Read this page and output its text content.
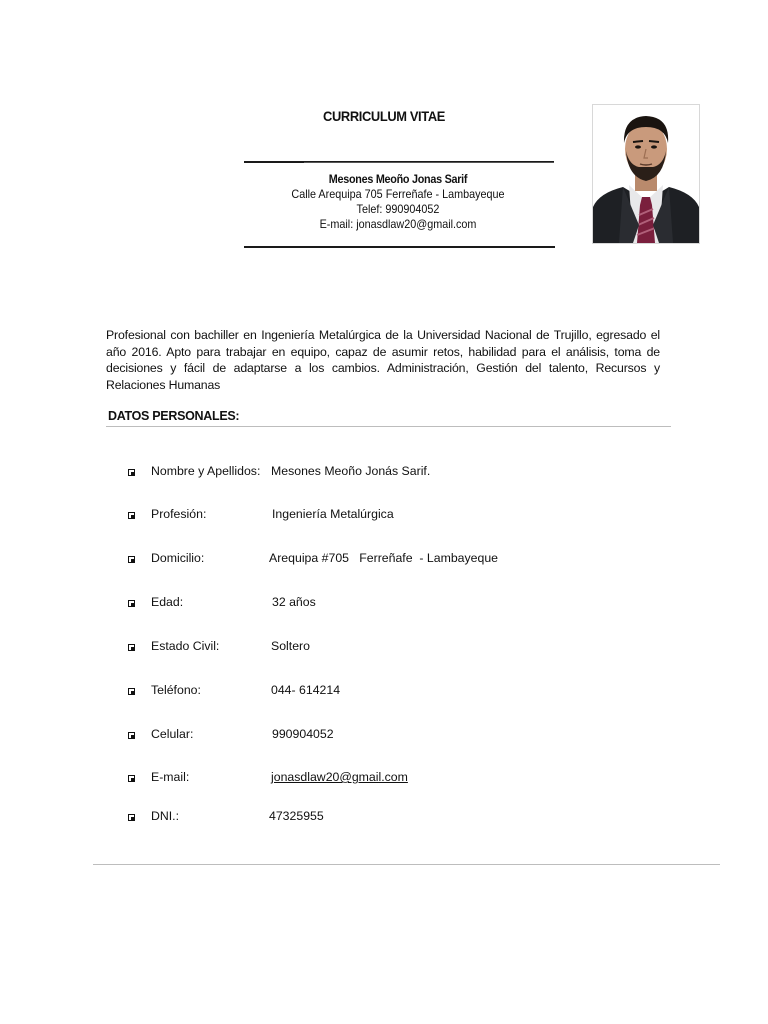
CURRICULUM VITAE
Mesones Meoño Jonas Sarif
Calle Arequipa 705 Ferreñafe - Lambayeque
Telef: 990904052
E-mail: jonasdlaw20@gmail.com
Profesional con bachiller en Ingeniería Metalúrgica de la Universidad Nacional de Trujillo, egresado el año 2016. Apto para trabajar en equipo, capaz de asumir retos, habilidad para el análisis, toma de decisiones y fácil de adaptarse a los cambios. Administración, Gestión del talento, Recursos y Relaciones Humanas
DATOS PERSONALES:
Nombre y Apellidos: Mesones Meoño Jonás Sarif.
Profesión:	Ingeniería Metalúrgica
Domicilio:	Arequipa #705   Ferreñafe  - Lambayeque
Edad:	32 años
Estado Civil:	Soltero
Teléfono:	044- 614214
Celular:	990904052
E-mail:	jonasdlaw20@gmail.com
DNI.:	47325955
